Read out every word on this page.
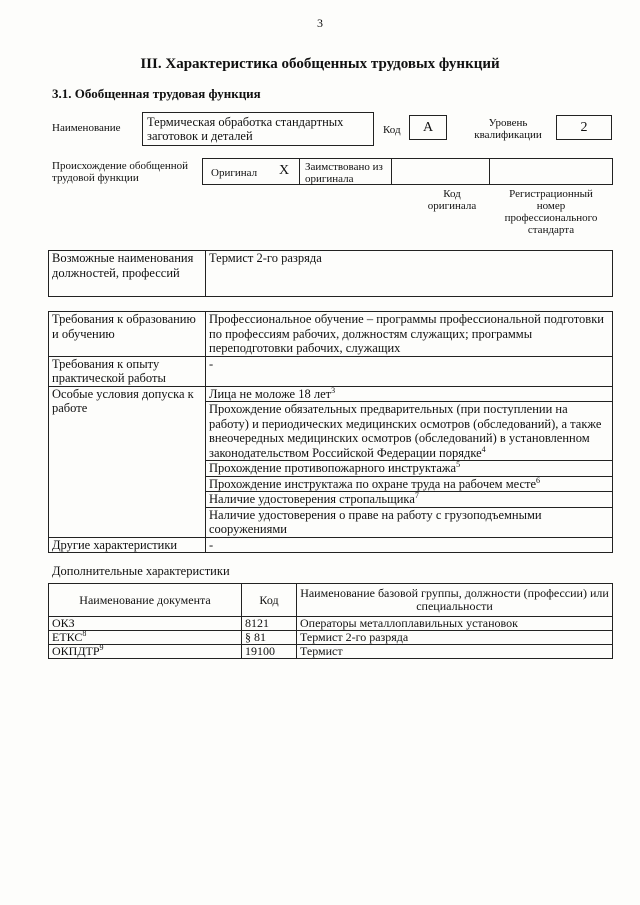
3
III. Характеристика обобщенных трудовых функций
3.1. Обобщенная трудовая функция
Наименование	Термическая обработка стандартных заготовок и деталей	Код	A	Уровень квалификации	2
Происхождение обобщенной трудовой функции	Оригинал X	Заимствовано из оригинала
Код оригинала
Регистрационный номер профессионального стандарта
Возможные наименования должностей, профессий	Термист 2-го разряда
Требования к образованию и обучению	Профессиональное обучение – программы профессиональной подготовки по профессиям рабочих, должностям служащих; программы переподготовки рабочих, служащих
Требования к опыту практической работы	-
Особые условия допуска к работе	Лица не моложе 18 лет$^3$
	Прохождение обязательных предварительных (при поступлении на работу) и периодических медицинских осмотров (обследований), а также внеочередных медицинских осмотров (обследований) в установленном законодательством Российской Федерации порядке$^4$
	Прохождение противопожарного инструктажа$^5$
	Прохождение инструктажа по охране труда на рабочем месте$^6$
	Наличие удостоверения стропальщика$^7$
	Наличие удостоверения о праве на работу с грузоподъемными сооружениями
Другие характеристики	-
Дополнительные характеристики
Наименование документа	Код	Наименование базовой группы, должности (профессии) или специальности
ОКЗ	8121	Операторы металлоплавильных установок
ЕТКС$^8$	§ 81	Термист 2-го разряда
ОКПДТР$^9$	19100	Термист
